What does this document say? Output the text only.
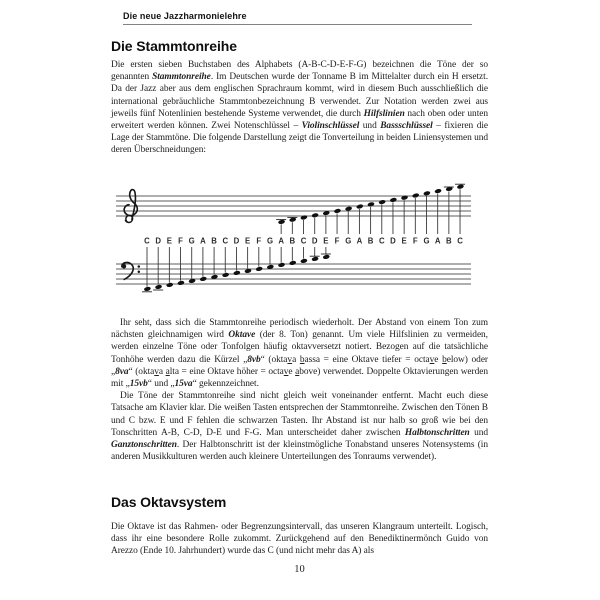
Die neue Jazzharmonielehre
Die Stammtonreihe

Die ersten sieben Buchstaben des Alphabets (A-B-C-D-E-F-G) bezeichnen die Töne der so genannten Stammtonreihe. Im Deutschen wurde der Tonname B im Mittelalter durch ein H ersetzt. Da der Jazz aber aus dem englischen Sprachraum kommt, wird in diesem Buch ausschließlich die international gebräuchliche Stammtonbezeichnung B verwendet. Zur Notation werden zwei aus jeweils fünf Notenlinien bestehende Systeme verwendet, die durch Hilfslinien nach oben oder unten erweitert werden können. Zwei Notenschlüssel – Violinschlüssel und Bassschlüssel – fixieren die Lage der Stammtöne. Die folgende Darstellung zeigt die Tonverteilung in beiden Liniensystemen und deren Überschneidungen:

C D E F G A B C D E F G A B C D E F G A B C D E F G A B C

Ihr seht, dass sich die Stammtonreihe periodisch wiederholt. Der Abstand von einem Ton zum nächsten gleichnamigen wird Oktave (der 8. Ton) genannt. Um viele Hilfslinien zu vermeiden, werden einzelne Töne oder Tonfolgen häufig oktavversetzt notiert. Bezogen auf die tatsächliche Tonhöhe werden dazu die Kürzel „8vb“ (oktava bassa = eine Oktave tiefer = octave below) oder „8va“ (oktava alta = eine Oktave höher = octave above) verwendet. Doppelte Oktavierungen werden mit „15vb“ und „15va“ gekennzeichnet.

Die Töne der Stammtonreihe sind nicht gleich weit voneinander entfernt. Macht euch diese Tatsache am Klavier klar. Die weißen Tasten entsprechen der Stammtonreihe. Zwischen den Tönen B und C bzw. E und F fehlen die schwarzen Tasten. Ihr Abstand ist nur halb so groß wie bei den Tonschritten A-B, C-D, D-E und F-G. Man unterscheidet daher zwischen Halbtonschritten und Ganztonschritten. Der Halbtonschritt ist der kleinstmögliche Tonabstand unseres Notensystems (in anderen Musikkulturen werden auch kleinere Unterteilungen des Tonraums verwendet).

Das Oktavsystem

Die Oktave ist das Rahmen- oder Begrenzungsintervall, das unseren Klangraum unterteilt. Logisch, dass ihr eine besondere Rolle zukommt. Zurückgehend auf den Benediktinermönch Guido von Arezzo (Ende 10. Jahrhundert) wurde das C (und nicht mehr das A) als

10
